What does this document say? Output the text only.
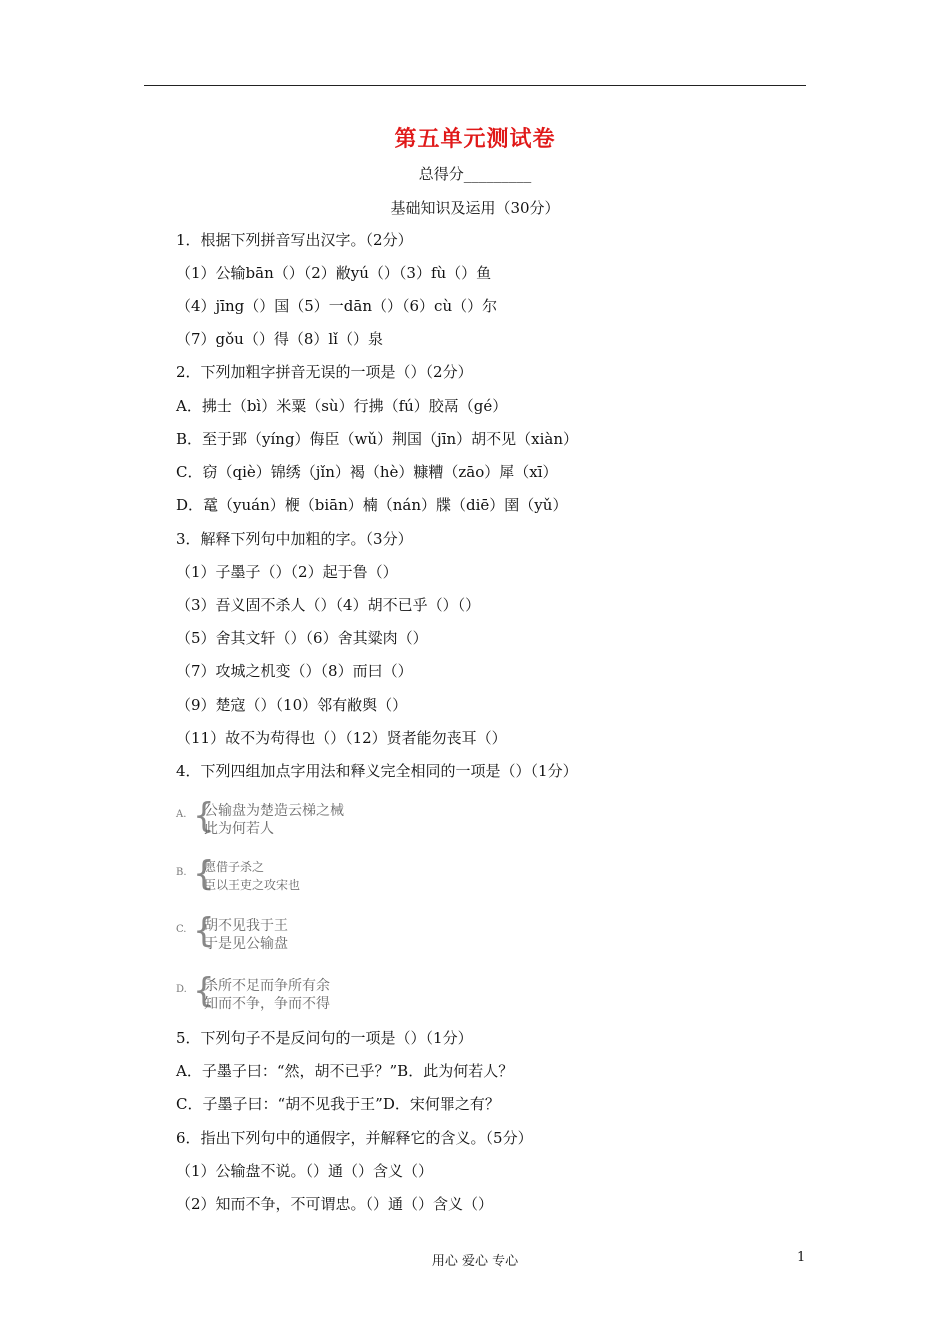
第五单元测试卷
总得分_________
基础知识及运用（30分）
1．根据下列拼音写出汉字。（2分）
（1）公输bān（）（2）敝yú（）（3）fù（）鱼
（4）jīng（）国（5）一dān（）（6）cù（）尔
（7）gǒu（）得（8）lǐ（）泉
2．下列加粗字拼音无误的一项是（）（2分）
A．拂士（bì）米粟（sù）行拂（fú）胶鬲（gé）
B．至于郢（yíng）侮臣（wǔ）荆国（jīn）胡不见（xiàn）
C．窃（qiè）锦绣（jǐn）褐（hè）糠糟（zāo）犀（xī）
D．鼋（yuán）楩（biān）楠（nán）牒（diē）圉（yǔ）
3．解释下列句中加粗的字。（3分）
（1）子墨子（）（2）起于鲁（）
（3）吾义固不杀人（）（4）胡不已乎（）（）
（5）舍其文轩（）（6）舍其粱肉（）
（7）攻城之机变（）（8）而曰（）
（9）楚寇（）（10）邻有敝舆（）
（11）故不为苟得也（）（12）贤者能勿丧耳（）
4．下列四组加点字用法和释义完全相同的一项是（）（1分）
A. {
公输盘为楚造云梯之械
此为何若人
B. {
愿借子杀之
臣以王吏之攻宋也
C. {
胡不见我于王
于是见公输盘
D. {
杀所不足而争所有余
知而不争，争而不得
5．下列句子不是反问句的一项是（）（1分）
A．子墨子曰：“然，胡不已乎？”B．此为何若人？
C．子墨子曰：“胡不见我于王”D．宋何罪之有？
6．指出下列句中的通假字，并解释它的含义。（5分）
（1）公输盘不说。（）通（）含义（）
（2）知而不争，不可谓忠。（）通（）含义（）
用心 爱心 专心	1
